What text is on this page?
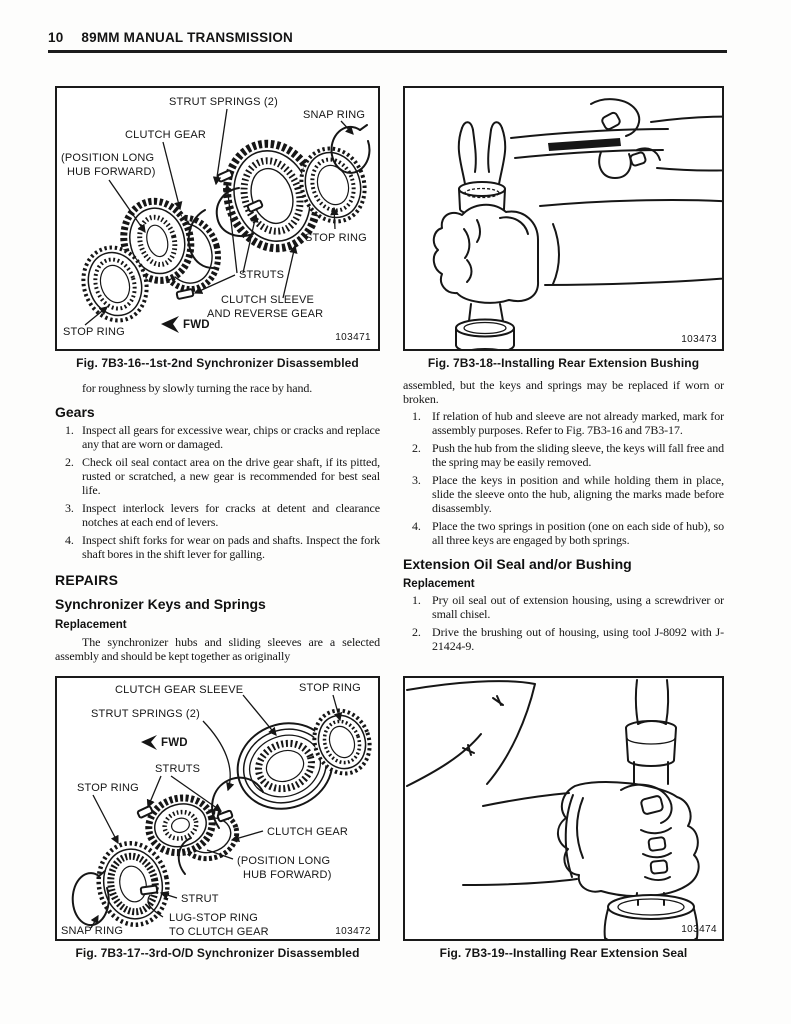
10 89MM MANUAL TRANSMISSION
STRUT SPRINGS (2)
SNAP RING
CLUTCH GEAR
(POSITION LONG
HUB FORWARD)
STOP RING
STRUTS
CLUTCH SLEEVE
AND REVERSE GEAR
STOP RING
FWD
103471
Fig. 7B3-16--1st-2nd Synchronizer Disassembled

for roughness by slowly turning the race by hand.

Gears
1. Inspect all gears for excessive wear, chips or cracks and replace any that are worn or damaged.
2. Check oil seal contact area on the drive gear shaft, if its pitted, rusted or scratched, a new gear is recommended for best seal life.
3. Inspect interlock levers for cracks at detent and clearance notches at each end of levers.
4. Inspect shift forks for wear on pads and shafts. Inspect the fork shaft bores in the shift lever for galling.
REPAIRS
Synchronizer Keys and Springs
Replacement

The synchronizer hubs and sliding sleeves are a selected assembly and should be kept together as originally

CLUTCH GEAR SLEEVE	STOP RING
STRUT SPRINGS (2)
FWD
STRUTS
STOP RING
CLUTCH GEAR
(POSITION LONG
HUB FORWARD)
STRUT
LUG-STOP RING
TO CLUTCH GEAR
SNAP RING	103472
Fig. 7B3-17--3rd-O/D Synchronizer Disassembled
103473
Fig. 7B3-18--Installing Rear Extension Bushing

assembled, but the keys and springs may be replaced if worn or broken.

1. If relation of hub and sleeve are not already marked, mark for assembly purposes. Refer to Fig. 7B3-16 and 7B3-17.
2. Push the hub from the sliding sleeve, the keys will fall free and the spring may be easily removed.
3. Place the keys in position and while holding them in place, slide the sleeve onto the hub, aligning the marks made before disassembly.
4. Place the two springs in position (one on each side of hub), so all three keys are engaged by both springs.
Extension Oil Seal and/or Bushing
Replacement
1. Pry oil seal out of extension housing, using a screwdriver or small chisel.
2. Drive the brushing out of housing, using tool J-8092 with J-21424-9.
103474
Fig. 7B3-19--Installing Rear Extension Seal
